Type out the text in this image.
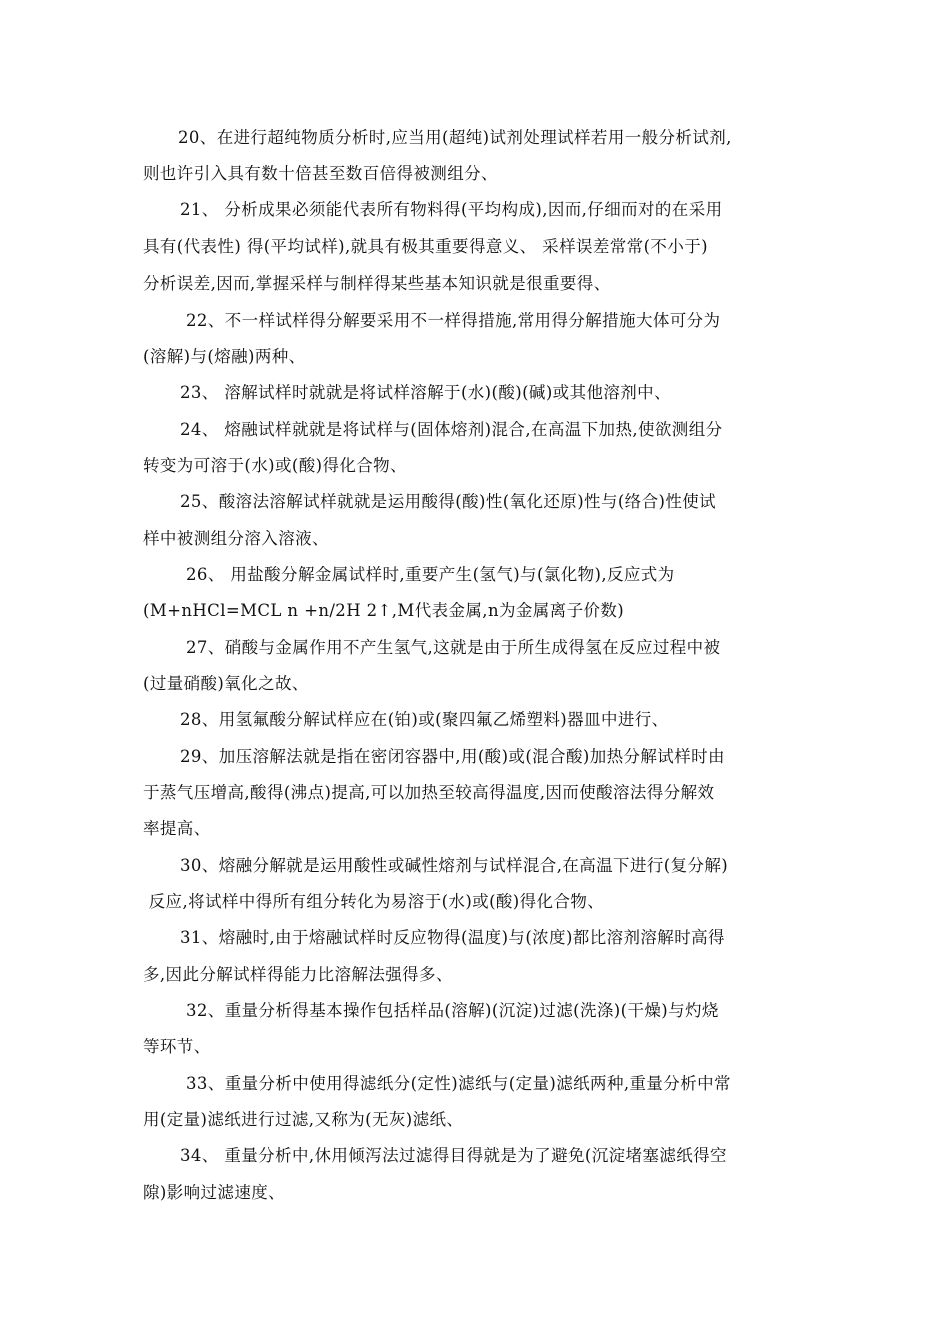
20、在进行超纯物质分析时,应当用(超纯)试剂处理试样若用一般分析试剂,
则也许引入具有数十倍甚至数百倍得被测组分、
21、 分析成果必须能代表所有物料得(平均构成),因而,仔细而对的在采用
具有(代表性) 得(平均试样),就具有极其重要得意义、 采样误差常常(不小于)
分析误差,因而,掌握采样与制样得某些基本知识就是很重要得、
22、不一样试样得分解要采用不一样得措施,常用得分解措施大体可分为
(溶解)与(熔融)两种、
23、 溶解试样时就就是将试样溶解于(水)(酸)(碱)或其他溶剂中、
24、 熔融试样就就是将试样与(固体熔剂)混合,在高温下加热,使欲测组分
转变为可溶于(水)或(酸)得化合物、
25、酸溶法溶解试样就就是运用酸得(酸)性(氧化还原)性与(络合)性使试
样中被测组分溶入溶液、
26、 用盐酸分解金属试样时,重要产生(氢气)与(氯化物),反应式为
(M+nHCl=MCL n +n/2H 2↑,M代表金属,n为金属离子价数)
27、硝酸与金属作用不产生氢气,这就是由于所生成得氢在反应过程中被
(过量硝酸)氧化之故、
28、用氢氟酸分解试样应在(铂)或(聚四氟乙烯塑料)器皿中进行、
29、加压溶解法就是指在密闭容器中,用(酸)或(混合酸)加热分解试样时由
于蒸气压增高,酸得(沸点)提高,可以加热至较高得温度,因而使酸溶法得分解效
率提高、
30、熔融分解就是运用酸性或碱性熔剂与试样混合,在高温下进行(复分解)
反应,将试样中得所有组分转化为易溶于(水)或(酸)得化合物、
31、熔融时,由于熔融试样时反应物得(温度)与(浓度)都比溶剂溶解时高得
多,因此分解试样得能力比溶解法强得多、
32、重量分析得基本操作包括样品(溶解)(沉淀)过滤(洗涤)(干燥)与灼烧
等环节、
33、重量分析中使用得滤纸分(定性)滤纸与(定量)滤纸两种,重量分析中常
用(定量)滤纸进行过滤,又称为(无灰)滤纸、
34、 重量分析中,休用倾泻法过滤得目得就是为了避免(沉淀堵塞滤纸得空
隙)影响过滤速度、
